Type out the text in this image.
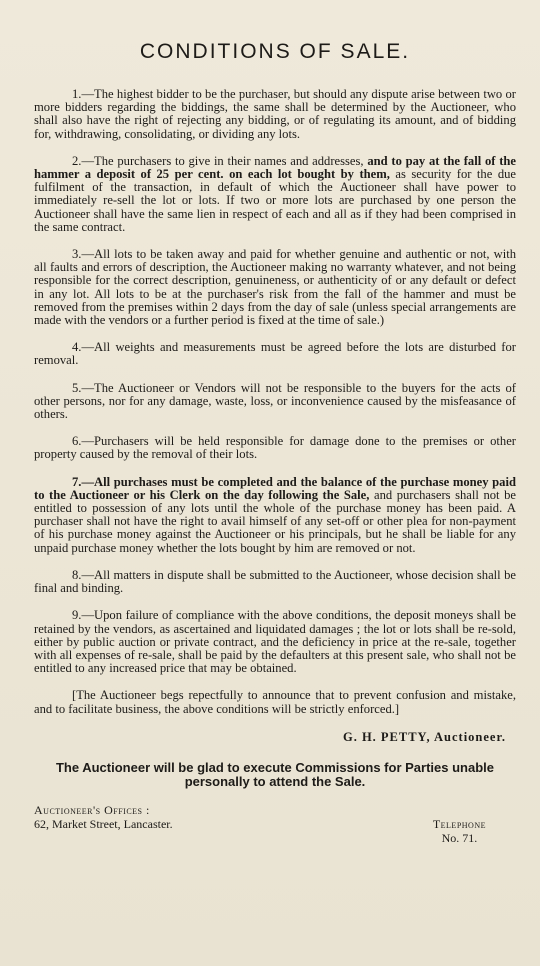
CONDITIONS OF SALE.

1.—The highest bidder to be the purchaser, but should any dispute arise between two or more bidders regarding the biddings, the same shall be determined by the Auctioneer, who shall also have the right of rejecting any bidding, or of regulating its amount, and of bidding for, withdrawing, consolidating, or dividing any lots.

2.—The purchasers to give in their names and addresses, and to pay at the fall of the hammer a deposit of 25 per cent. on each lot bought by them, as security for the due fulfilment of the transaction, in default of which the Auctioneer shall have power to immediately re-sell the lot or lots. If two or more lots are purchased by one person the Auctioneer shall have the same lien in respect of each and all as if they had been comprised in the same contract.

3.—All lots to be taken away and paid for whether genuine and authentic or not, with all faults and errors of description, the Auctioneer making no warranty whatever, and not being responsible for the correct description, genuineness, or authenticity of or any default or defect in any lot. All lots to be at the purchaser's risk from the fall of the hammer and must be removed from the premises within 2 days from the day of sale (unless special arrangements are made with the vendors or a further period is fixed at the time of sale.)

4.—All weights and measurements must be agreed before the lots are disturbed for removal.

5.—The Auctioneer or Vendors will not be responsible to the buyers for the acts of other persons, nor for any damage, waste, loss, or inconvenience caused by the misfeasance of others.

6.—Purchasers will be held responsible for damage done to the premises or other property caused by the removal of their lots.

7.—All purchases must be completed and the balance of the purchase money paid to the Auctioneer or his Clerk on the day following the Sale, and purchasers shall not be entitled to possession of any lots until the whole of the purchase money has been paid. A purchaser shall not have the right to avail himself of any set-off or other plea for non-payment of his purchase money against the Auctioneer or his principals, but he shall be liable for any unpaid purchase money whether the lots bought by him are removed or not.

8.—All matters in dispute shall be submitted to the Auctioneer, whose decision shall be final and binding.

9.—Upon failure of compliance with the above conditions, the deposit moneys shall be retained by the vendors, as ascertained and liquidated damages ; the lot or lots shall be re-sold, either by public auction or private contract, and the deficiency in price at the re-sale, together with all expenses of re-sale, shall be paid by the defaulters at this present sale, who shall not be entitled to any increased price that may be obtained.

[The Auctioneer begs repectfully to announce that to prevent confusion and mistake, and to facilitate business, the above conditions will be strictly enforced.]

G. H. PETTY, Auctioneer.
The Auctioneer will be glad to execute Commissions for Parties unable personally to attend the Sale.
Auctioneer's Offices :
62, Market Street, Lancaster.	Telephone
No. 71.
